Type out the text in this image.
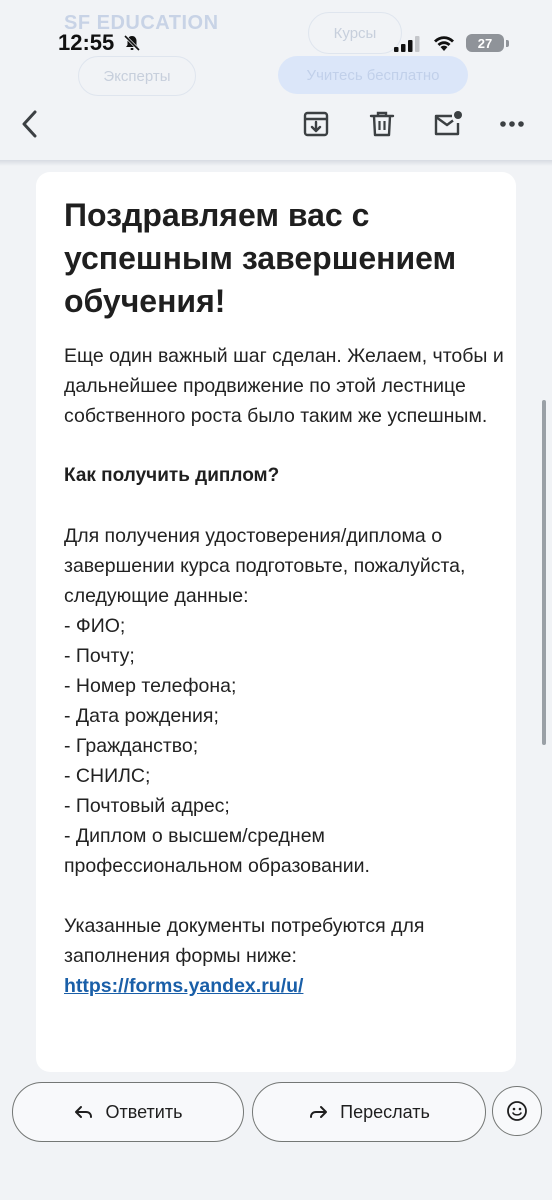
SF EDUCATION	Курсы
Эксперты	Учитесь бесплатно
12:55	27
Поздравляем вас с успешным завершением обучения!

Еще один важный шаг сделан. Желаем, чтобы и дальнейшее продвижение по этой лестнице собственного роста было таким же успешным.

Как получить диплом?

Для получения удостоверения/диплома о завершении курса подготовьте, пожалуйста, следующие данные:

- ФИО;
- Почту;
- Номер телефона;
- Дата рождения;
- Гражданство;
- СНИЛС;
- Почтовый адрес;
- Диплом о высшем/среднем профессиональном образовании.

Указанные документы потребуются для заполнения формы ниже:

https://forms.yandex.ru/u/
Ответить	Переслать
